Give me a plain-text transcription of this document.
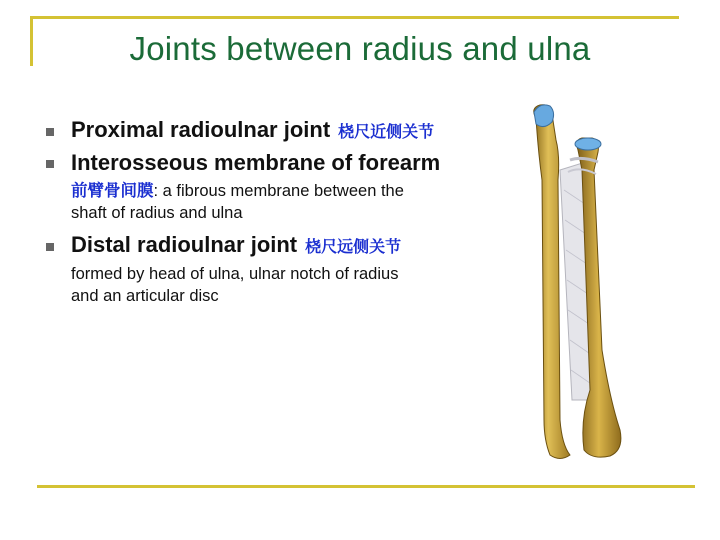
Joints between radius and ulna
Proximal radioulnar joint 桡尺近侧关节
Interosseous membrane of forearm
前臂骨间膜: a fibrous membrane between the
shaft of radius and ulna
Distal radioulnar joint 桡尺远侧关节
formed by head of ulna, ulnar notch of radius
and an articular disc
